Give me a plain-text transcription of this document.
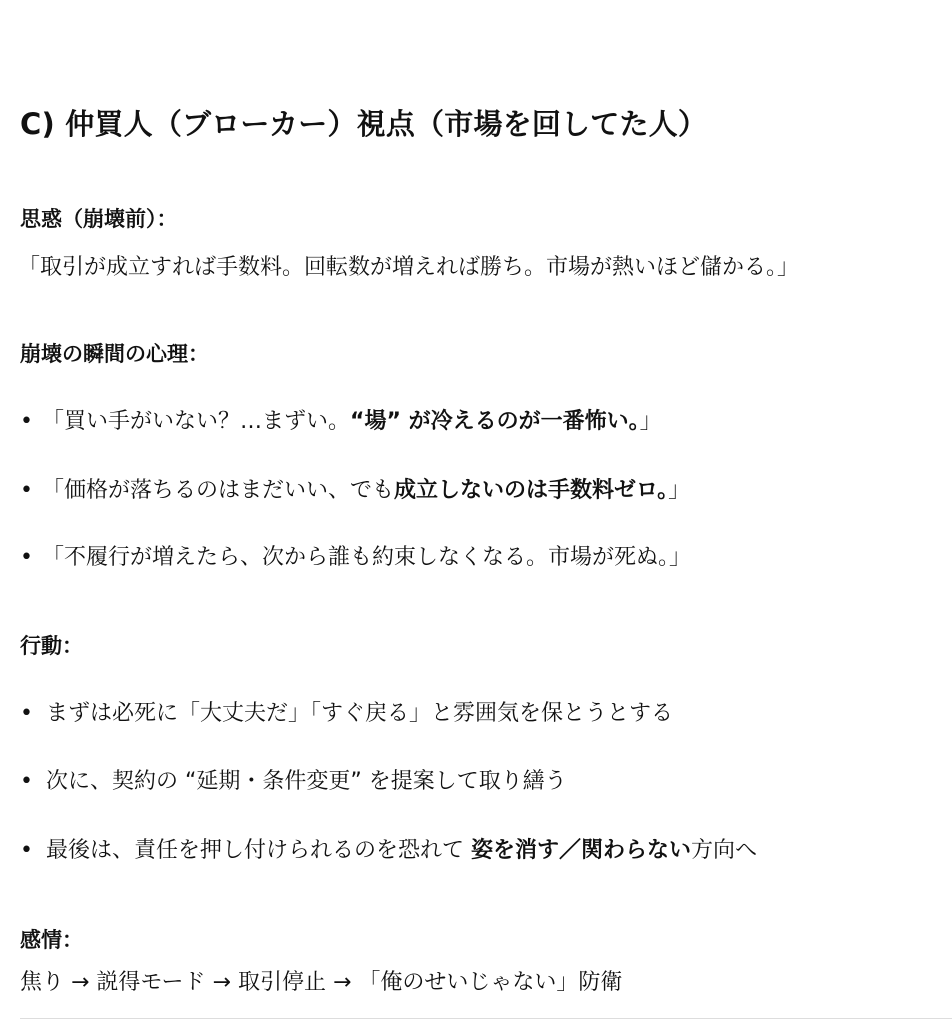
C) 仲買人（ブローカー）視点（市場を回してた人）
思惑（崩壊前）：
「取引が成立すれば手数料。回転数が増えれば勝ち。市場が熱いほど儲かる。」
崩壊の瞬間の心理：
• 「買い手がいない？…まずい。“場” が冷えるのが一番怖い。」
• 「価格が落ちるのはまだいい、でも成立しないのは手数料ゼロ。」
• 「不履行が増えたら、次から誰も約束しなくなる。市場が死ぬ。」
行動：
• まずは必死に「大丈夫だ」「すぐ戻る」と雰囲気を保とうとする
• 次に、契約の “延期・条件変更” を提案して取り繕う
• 最後は、責任を押し付けられるのを恐れて 姿を消す／関わらない方向へ
感情：
焦り → 説得モード → 取引停止 → 「俺のせいじゃない」防衛
